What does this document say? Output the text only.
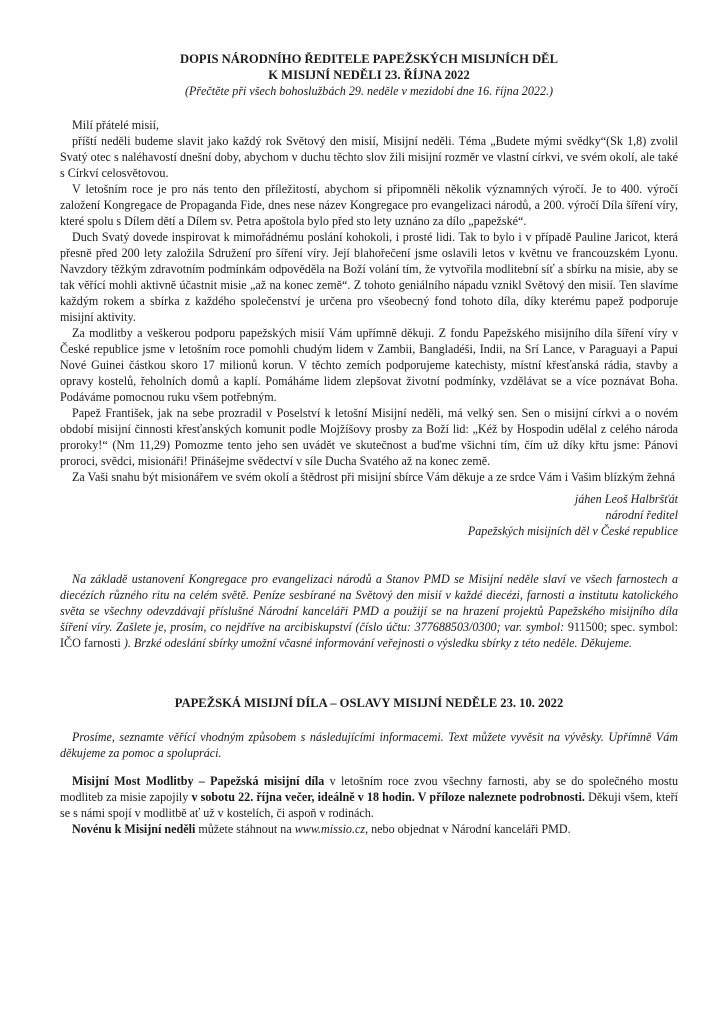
DOPIS NÁRODNÍHO ŘEDITELE PAPEŽSKÝCH MISIJNÍCH DĚL
K MISIJNÍ NEDĚLI 23. ŘÍJNA 2022
(Přečtěte při všech bohoslužbách 29. neděle v mezidobí dne 16. října 2022.)

Milí přátelé misií,

příští neděli budeme slavit jako každý rok Světový den misií, Misijní neděli. Téma „Budete mými svědky“(Sk 1,8) zvolil Svatý otec s naléhavostí dnešní doby, abychom v duchu těchto slov žili misijní rozměr ve vlastní církvi, ve svém okolí, ale také s Církví celosvětovou.

V letošním roce je pro nás tento den příležitostí, abychom si připomněli několik významných výročí. Je to 400. výročí založení Kongregace de Propaganda Fide, dnes nese název Kongregace pro evangelizaci národů, a 200. výročí Díla šíření víry, které spolu s Dílem dětí a Dílem sv. Petra apoštola bylo před sto lety uznáno za dílo „papežské“.

Duch Svatý dovede inspirovat k mimořádnému poslání kohokoli, i prosté lidi. Tak to bylo i v případě Pauline Jaricot, která přesně před 200 lety založila Sdružení pro šíření víry. Její blahořečení jsme oslavili letos v květnu ve francouzském Lyonu. Navzdory těžkým zdravotním podmínkám odpověděla na Boží volání tím, že vytvořila modlitební síť a sbírku na misie, aby se tak věřící mohli aktivně účastnit misie „až na konec země“. Z tohoto geniálního nápadu vznikl Světový den misií. Ten slavíme každým rokem a sbírka z každého společenství je určena pro všeobecný fond tohoto díla, díky kterému papež podporuje misijní aktivity.

Za modlitby a veškerou podporu papežských misií Vám upřímně děkuji. Z fondu Papežského misijního díla šíření víry v České republice jsme v letošním roce pomohli chudým lidem v Zambii, Bangladéši, Indii, na Srí Lance, v Paraguayi a Papui Nové Guinei částkou skoro 17 milionů korun. V těchto zemích podporujeme katechisty, místní křesťanská rádia, stavby a opravy kostelů, řeholních domů a kaplí. Pomáháme lidem zlepšovat životní podmínky, vzdělávat se a více poznávat Boha. Podáváme pomocnou ruku všem potřebným.

Papež František, jak na sebe prozradil v Poselství k letošní Misijní neděli, má velký sen. Sen o misijní církvi a o novém období misijní činnosti křesťanských komunit podle Mojžíšovy prosby za Boží lid: „Kéž by Hospodin udělal z celého národa proroky!“ (Nm 11,29) Pomozme tento jeho sen uvádět ve skutečnost a buďme všichni tím, čím už díky křtu jsme: Pánovi proroci, svědci, misionáři! Přinášejme svědectví v síle Ducha Svatého až na konec země.

Za Vaši snahu být misionářem ve svém okolí a štědrost při misijní sbírce Vám děkuje a ze srdce Vám i Vašim blízkým žehná

jáhen Leoš Halbršťát
národní ředitel
Papežských misijních děl v České republice

Na základě ustanovení Kongregace pro evangelizaci národů a Stanov PMD se Misijní neděle slaví ve všech farnostech a diecézích různého ritu na celém světě. Peníze sesbírané na Světový den misií v každé diecézi, farnosti a institutu katolického světa se všechny odevzdávají příslušné Národní kanceláři PMD a použijí se na hrazení projektů Papežského misijního díla šíření víry. Zašlete je, prosím, co nejdříve na arcibiskupství (číslo účtu: 377688503/0300; var. symbol: 911500; spec. symbol: IČO farnosti ). Brzké odeslání sbírky umožní včasné informování veřejnosti o výsledku sbírky z této neděle. Děkujeme.

PAPEŽSKÁ MISIJNÍ DÍLA – OSLAVY MISIJNÍ NEDĚLE 23. 10. 2022

Prosíme, seznamte věřící vhodným způsobem s následujícími informacemi. Text můžete vyvěsit na vývěsky. Upřímně Vám děkujeme za pomoc a spolupráci.

Misijní Most Modlitby – Papežská misijní díla v letošním roce zvou všechny farnosti, aby se do společného mostu modliteb za misie zapojily v sobotu 22. října večer, ideálně v 18 hodin. V příloze naleznete podrobnosti. Děkuji všem, kteří se s námi spojí v modlitbě ať už v kostelích, či aspoň v rodinách.

Novénu k Misijní neděli můžete stáhnout na www.missio.cz, nebo objednat v Národní kanceláři PMD.
